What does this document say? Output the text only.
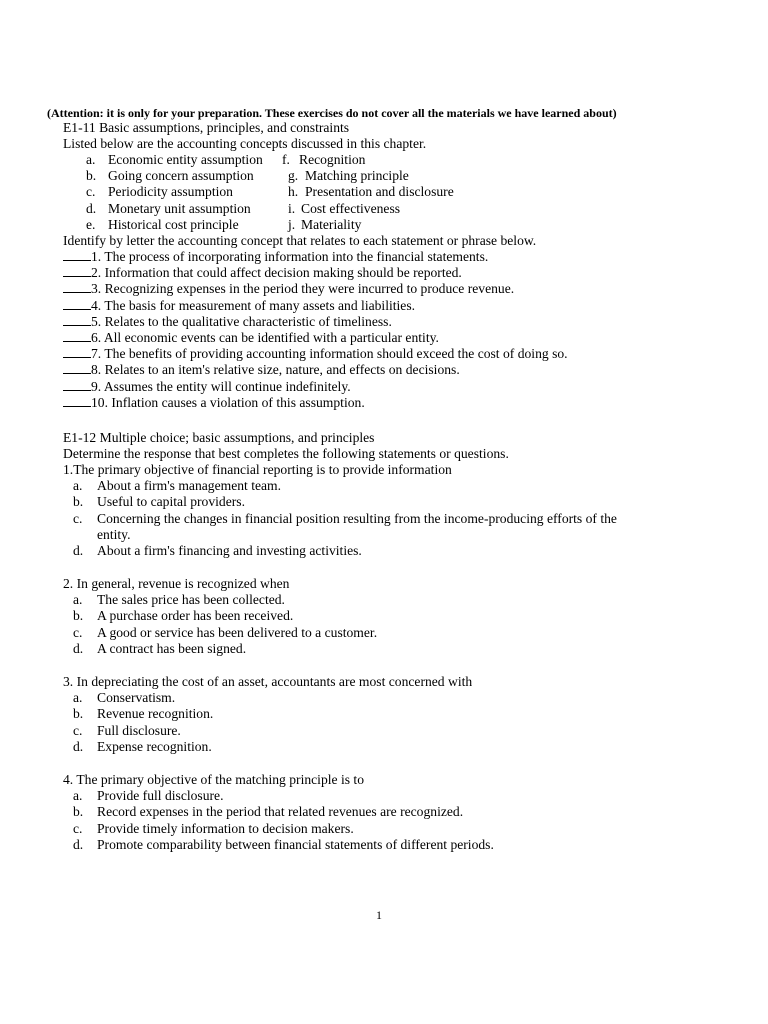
(Attention: it is only for your preparation. These exercises do not cover all the materials we have learned about)
E1-11 Basic assumptions, principles, and constraints
Listed below are the accounting concepts discussed in this chapter.
a. Economic entity assumption f. Recognition
b. Going concern assumption	g. Matching principle
c. Periodicity assumption	h. Presentation and disclosure
d. Monetary unit assumption	i. Cost effectiveness
e. Historical cost principle	j. Materiality
Identify by letter the accounting concept that relates to each statement or phrase below.
1. The process of incorporating information into the financial statements.
2. Information that could affect decision making should be reported.
3. Recognizing expenses in the period they were incurred to produce revenue.
4. The basis for measurement of many assets and liabilities.
5. Relates to the qualitative characteristic of timeliness.
6. All economic events can be identified with a particular entity.
7. The benefits of providing accounting information should exceed the cost of doing so.
8. Relates to an item's relative size, nature, and effects on decisions.
9. Assumes the entity will continue indefinitely.
10. Inflation causes a violation of this assumption.
E1-12 Multiple choice; basic assumptions, and principles
Determine the response that best completes the following statements or questions.
1.The primary objective of financial reporting is to provide information
a. About a firm's management team.
b. Useful to capital providers.
c. Concerning the changes in financial position resulting from the income-producing efforts of the
entity.
d. About a firm's financing and investing activities.
2. In general, revenue is recognized when
a. The sales price has been collected.
b. A purchase order has been received.
c. A good or service has been delivered to a customer.
d. A contract has been signed.
3. In depreciating the cost of an asset, accountants are most concerned with
a. Conservatism.
b. Revenue recognition.
c. Full disclosure.
d. Expense recognition.
4. The primary objective of the matching principle is to
a. Provide full disclosure.
b. Record expenses in the period that related revenues are recognized.
c. Provide timely information to decision makers.
d. Promote comparability between financial statements of different periods.
1
